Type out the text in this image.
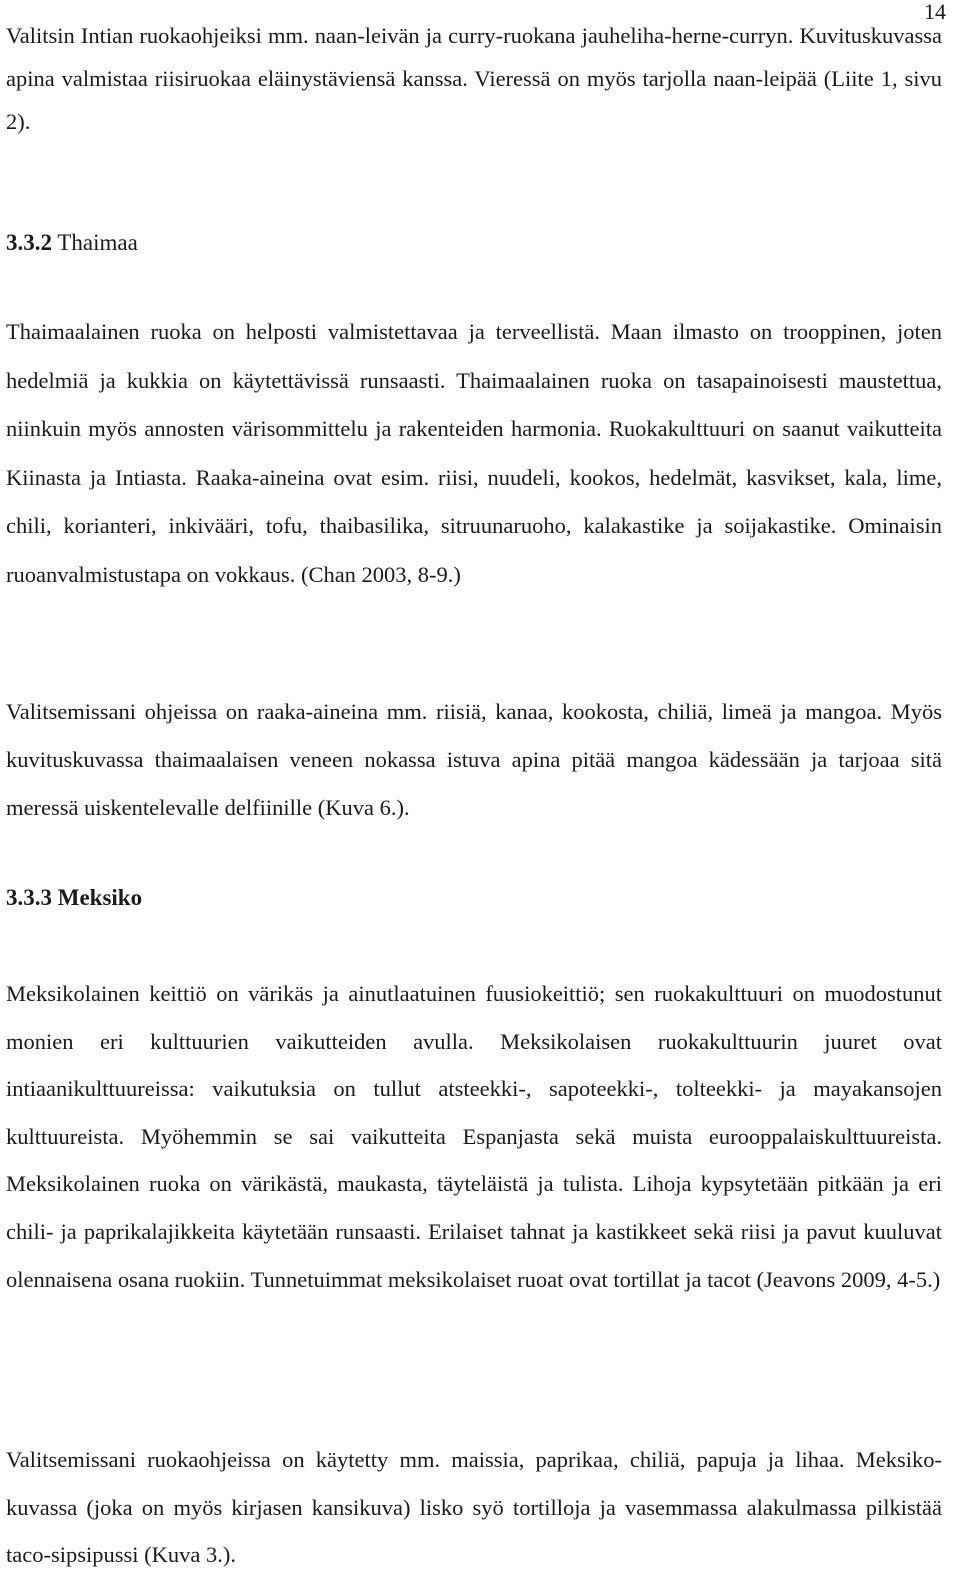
14

Valitsin Intian ruokaohjeiksi mm. naan-leivän ja curry-ruokana jauheliha-herne-curryn. Kuvituskuvassa apina valmistaa riisiruokaa eläinystäviensä kanssa. Vieressä on myös tarjolla naan-leipää (Liite 1, sivu 2).

3.3.2 Thaimaa

Thaimaalainen ruoka on helposti valmistettavaa ja terveellistä. Maan ilmasto on trooppinen, joten hedelmiä ja kukkia on käytettävissä runsaasti. Thaimaalainen ruoka on tasapainoisesti maustettua, niinkuin myös annosten värisommittelu ja rakenteiden harmonia. Ruokakulttuuri on saanut vaikutteita Kiinasta ja Intiasta. Raaka-aineina ovat esim. riisi, nuudeli, kookos, hedelmät, kasvikset, kala, lime, chili, korianteri, inkivääri, tofu, thaibasilika, sitruunaruoho, kalakastike ja soijakastike. Ominaisin ruoanvalmistustapa on vokkaus. (Chan 2003, 8-9.)

Valitsemissani ohjeissa on raaka-aineina mm. riisiä, kanaa, kookosta, chiliä, limeä ja mangoa. Myös kuvituskuvassa thaimaalaisen veneen nokassa istuva apina pitää mangoa kädessään ja tarjoaa sitä meressä uiskentelevalle delfiinille (Kuva 6.).

3.3.3 Meksiko

Meksikolainen keittiö on värikäs ja ainutlaatuinen fuusiokeittiö; sen ruokakulttuuri on muodostunut monien eri kulttuurien vaikutteiden avulla. Meksikolaisen ruokakulttuurin juuret ovat intiaanikulttuureissa: vaikutuksia on tullut atsteekki-, sapoteekki-, tolteekki- ja mayakansojen kulttuureista. Myöhemmin se sai vaikutteita Espanjasta sekä muista eurooppalaiskulttuureista. Meksikolainen ruoka on värikästä, maukasta, täyteläistä ja tulista. Lihoja kypsytetään pitkään ja eri chili- ja paprikalajikkeita käytetään runsaasti. Erilaiset tahnat ja kastikkeet sekä riisi ja pavut kuuluvat olennaisena osana ruokiin. Tunnetuimmat meksikolaiset ruoat ovat tortillat ja tacot (Jeavons 2009, 4-5.)

Valitsemissani ruokaohjeissa on käytetty mm. maissia, paprikaa, chiliä, papuja ja lihaa. Meksiko-kuvassa (joka on myös kirjasen kansikuva) lisko syö tortilloja ja vasemmassa alakulmassa pilkistää taco-sipsipussi (Kuva 3.).
